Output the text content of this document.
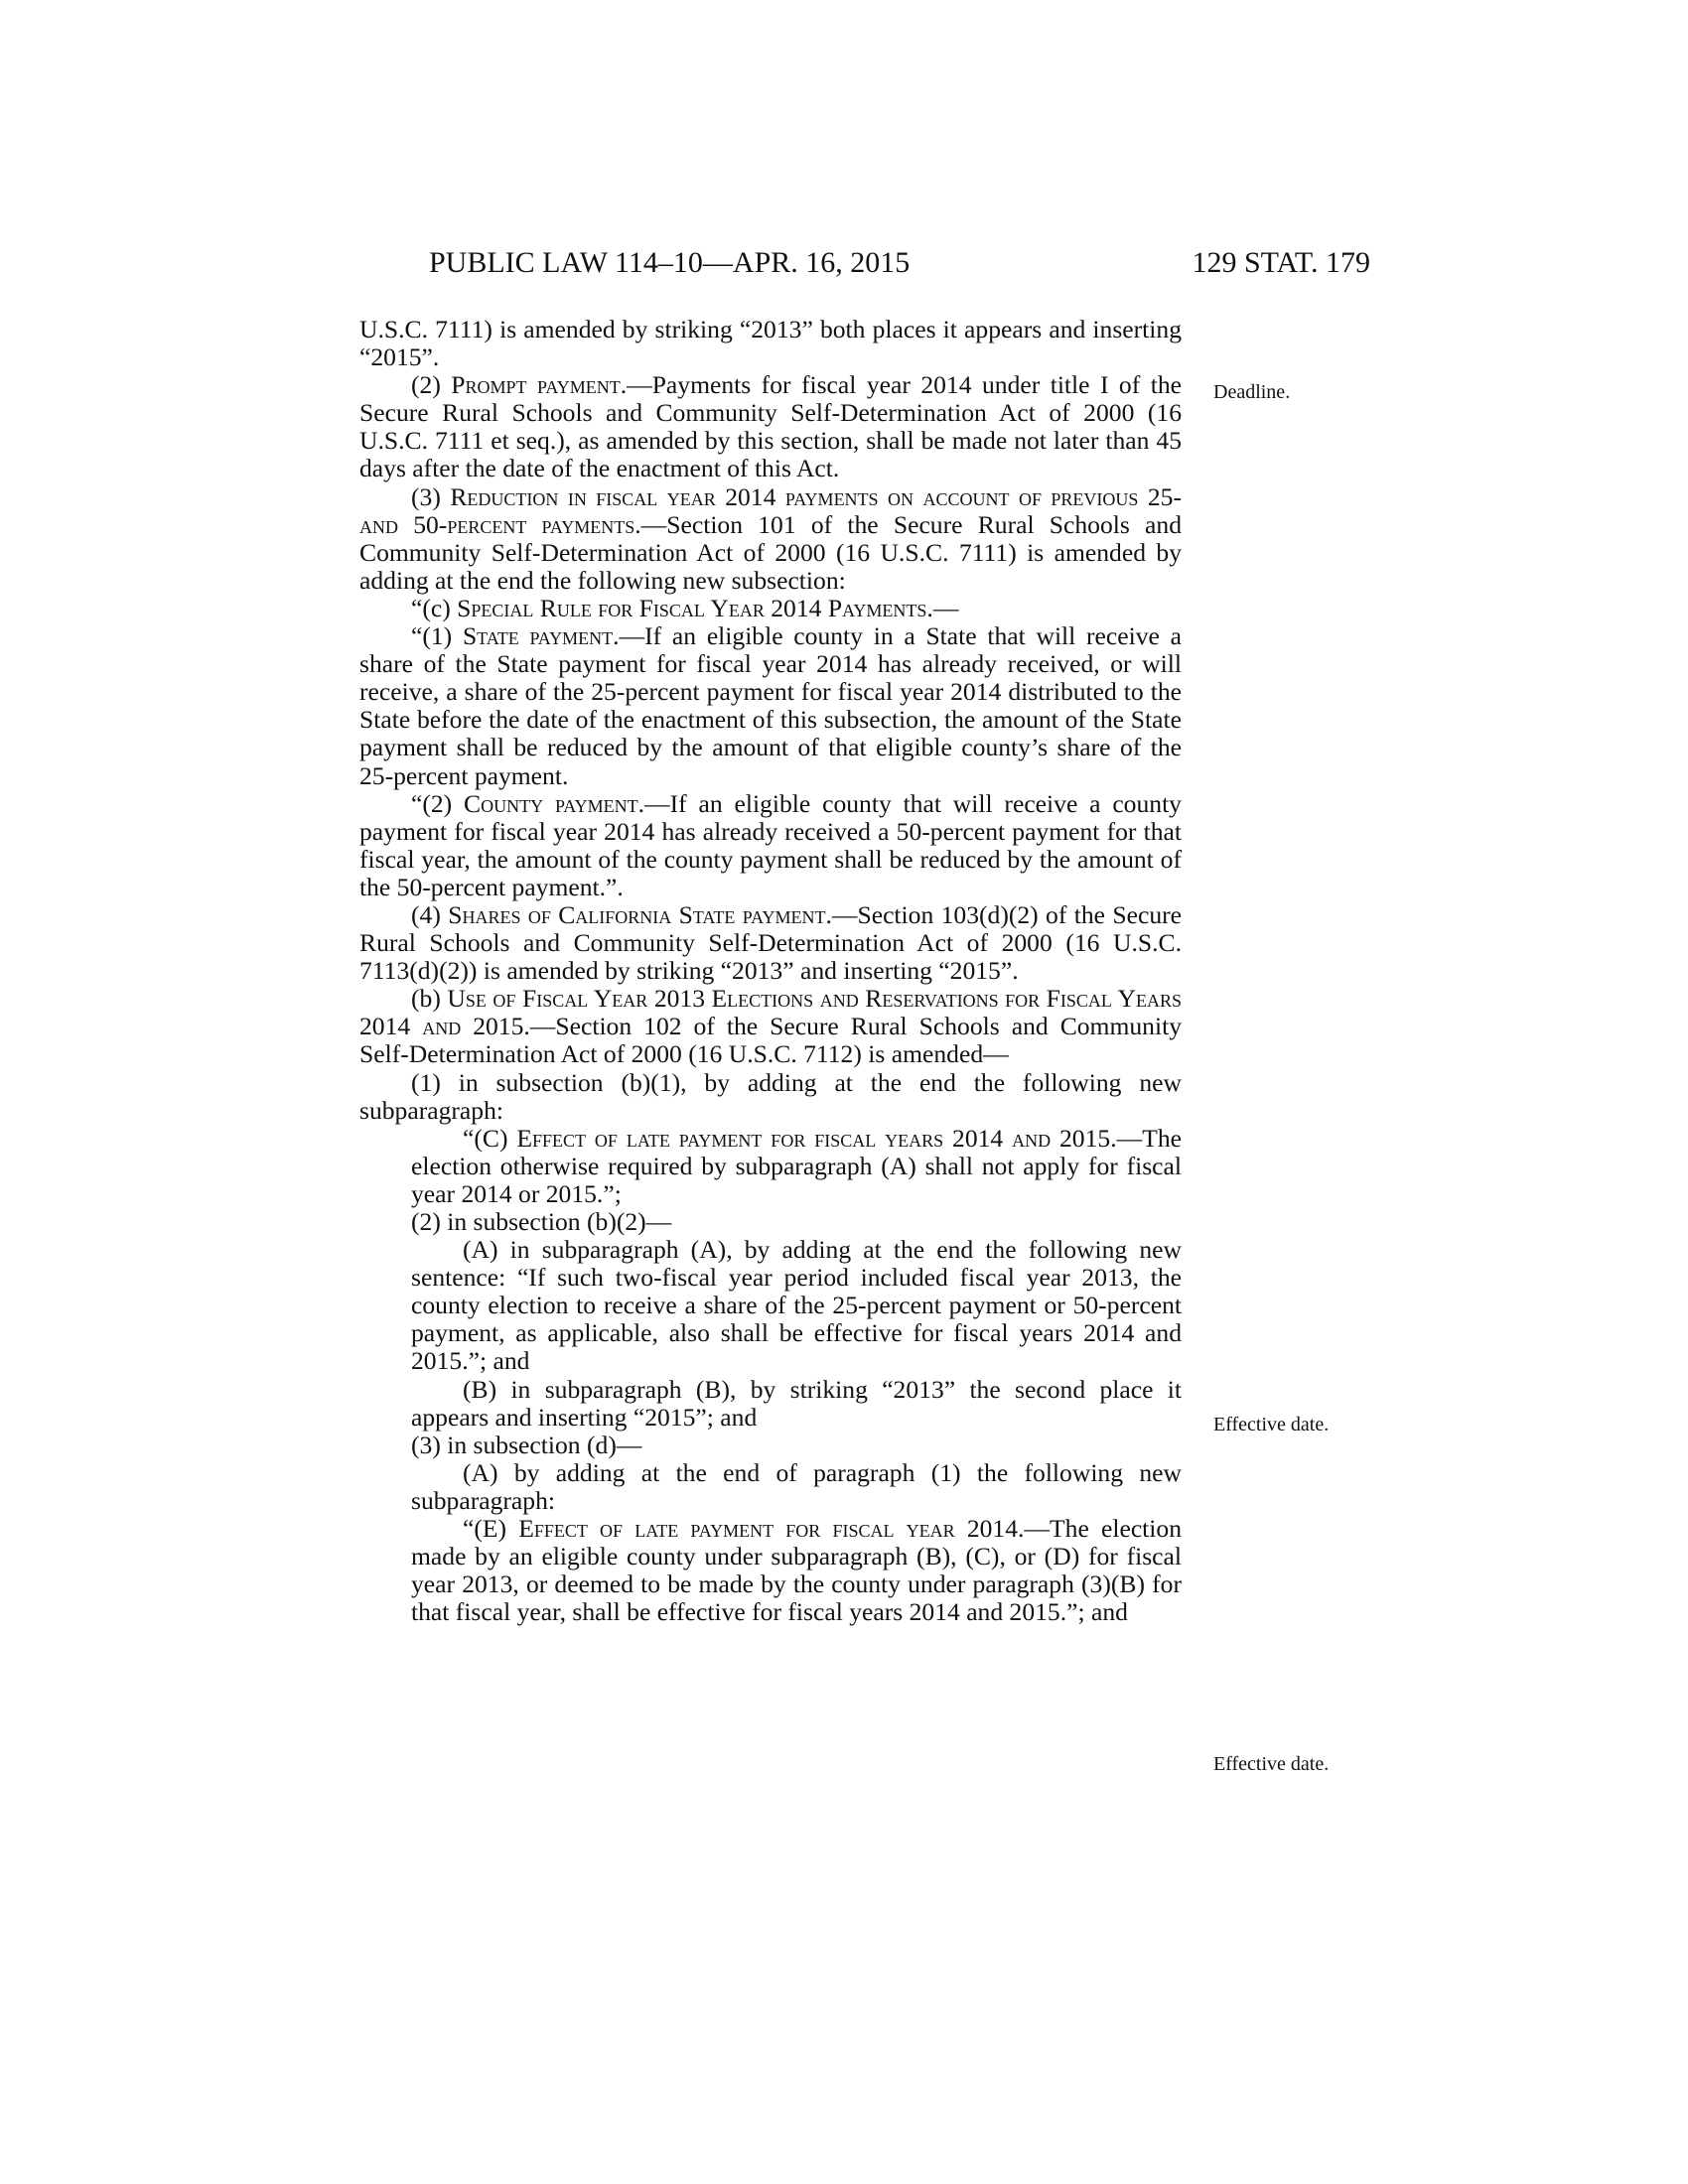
PUBLIC LAW 114–10—APR. 16, 2015	129 STAT. 179

U.S.C. 7111) is amended by striking “2013” both places it appears and inserting “2015”.

(2) Prompt payment.—Payments for fiscal year 2014 under title I of the Secure Rural Schools and Community Self-Determination Act of 2000 (16 U.S.C. 7111 et seq.), as amended by this section, shall be made not later than 45 days after the date of the enactment of this Act.

(3) Reduction in fiscal year 2014 payments on account of previous 25- and 50-percent payments.—Section 101 of the Secure Rural Schools and Community Self-Determination Act of 2000 (16 U.S.C. 7111) is amended by adding at the end the following new subsection:

“(c) Special Rule for Fiscal Year 2014 Payments.—

“(1) State payment.—If an eligible county in a State that will receive a share of the State payment for fiscal year 2014 has already received, or will receive, a share of the 25-percent payment for fiscal year 2014 distributed to the State before the date of the enactment of this subsection, the amount of the State payment shall be reduced by the amount of that eligible county’s share of the 25-percent payment.

“(2) County payment.—If an eligible county that will receive a county payment for fiscal year 2014 has already received a 50-percent payment for that fiscal year, the amount of the county payment shall be reduced by the amount of the 50-percent payment.”.

(4) Shares of California State payment.—Section 103(d)(2) of the Secure Rural Schools and Community Self-Determination Act of 2000 (16 U.S.C. 7113(d)(2)) is amended by striking “2013” and inserting “2015”.

(b) Use of Fiscal Year 2013 Elections and Reservations for Fiscal Years 2014 and 2015.—Section 102 of the Secure Rural Schools and Community Self-Determination Act of 2000 (16 U.S.C. 7112) is amended—

(1) in subsection (b)(1), by adding at the end the following new subparagraph:

“(C) Effect of late payment for fiscal years 2014 and 2015.—The election otherwise required by subparagraph (A) shall not apply for fiscal year 2014 or 2015.”;

(2) in subsection (b)(2)—

(A) in subparagraph (A), by adding at the end the following new sentence: “If such two-fiscal year period included fiscal year 2013, the county election to receive a share of the 25-percent payment or 50-percent payment, as applicable, also shall be effective for fiscal years 2014 and 2015.”; and

(B) in subparagraph (B), by striking “2013” the second place it appears and inserting “2015”; and

(3) in subsection (d)—

(A) by adding at the end of paragraph (1) the following new subparagraph:

“(E) Effect of late payment for fiscal year 2014.—The election made by an eligible county under subparagraph (B), (C), or (D) for fiscal year 2013, or deemed to be made by the county under paragraph (3)(B) for that fiscal year, shall be effective for fiscal years 2014 and 2015.”; and

Deadline.
Effective date.
Effective date.
